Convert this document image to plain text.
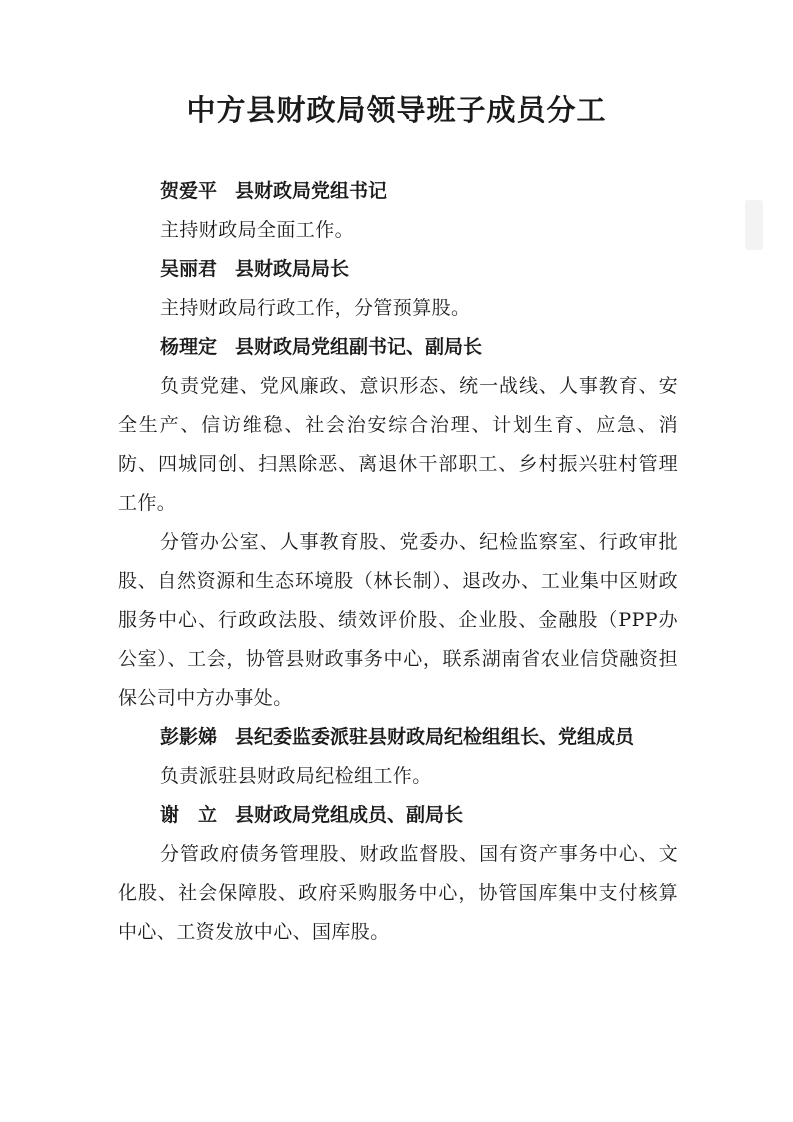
中方县财政局领导班子成员分工
贺爱平 县财政局党组书记
主持财政局全面工作。
吴丽君 县财政局局长
主持财政局行政工作，分管预算股。
杨理定 县财政局党组副书记、副局长
负责党建、党风廉政、意识形态、统一战线、人事教育、安全生产、信访维稳、社会治安综合治理、计划生育、应急、消防、四城同创、扫黑除恶、离退休干部职工、乡村振兴驻村管理工作。
分管办公室、人事教育股、党委办、纪检监察室、行政审批股、自然资源和生态环境股（林长制）、退改办、工业集中区财政服务中心、行政政法股、绩效评价股、企业股、金融股（PPP办公室）、工会，协管县财政事务中心，联系湖南省农业信贷融资担保公司中方办事处。
彭影娣 县纪委监委派驻县财政局纪检组组长、党组成员
负责派驻县财政局纪检组工作。
谢　立 县财政局党组成员、副局长
分管政府债务管理股、财政监督股、国有资产事务中心、文化股、社会保障股、政府采购服务中心，协管国库集中支付核算中心、工资发放中心、国库股。
